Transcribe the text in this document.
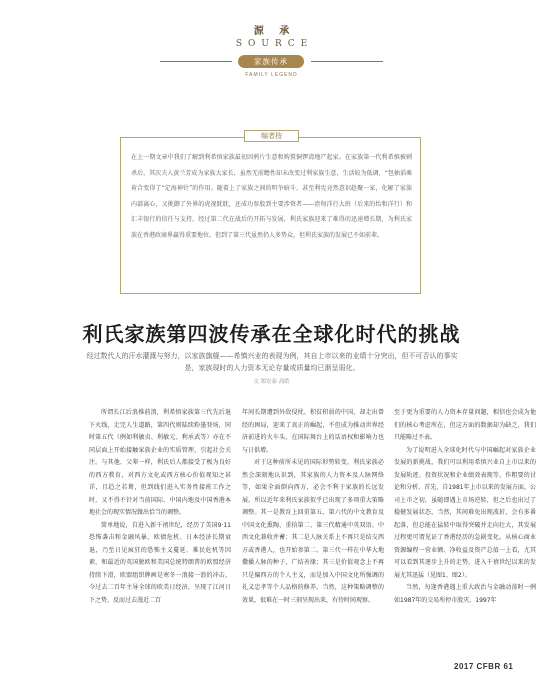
源 承
SOURCE
家族传承
FAMILY LEGEND
编者按
在上一期文章中我们了解到利希慎家族最初因鸦片生意和购置铜锣湾地产起家。在家族第一代利希慎被刺杀后，其次夫人黄兰芳成为家族大家长，虽然无前瞻性却未改变过利家族生意，生活较为低调，“包抽滔乘荷合变得了“定海神针”的作用。随着上了家族之间的明争暗斗，甚至利宪竟然意识趁聚一家，化解了家族内部离心，又挑御了外界的虎视眈眈，还成功参股到主要涉资者——渣甸洋行大班（后来的怡和洋行）和汇丰银行的信任与支持，经过第二代在战后的开拓与发展，利氏家族迎来了难得的迅速增长期，为利氏家族在香港政商界赢得重要地位。但到了第三代虽然仍人多势众，但利氏家族的发展已不如前辈。
利氏家族第四波传承在全球化时代的挑战
经过数代人的汗水灌溉与努力，以家族旗舰——希慎兴业的表现为例，其自上市以来的业绩十分突出，但不可否认的事实是，家族现时的人力资本无论存量或质量均已渐呈弱化。
文 郑宏泰 高皓

所谓长江后浪推前浪，利希慎家族第三代先后退下火线，走完人生道路，第四代则陆续粉墨登场，同时第五代（例如利敏贞、利敏元、利承武等）亦在不同层面上开始接触家族企业的实质管理，引起社会关注。与其他、父辈一样，利氏后人都接受了极为良好的西方教育，对西方文化或西方核心价值观知之甚详，且趋之若鹜，但到线们进入实务性接班工作之时，又不得不针对当前国际、中国内地及中国香港本地社会的现实情况做出恰当的调整。

简单地说，自进入新千禧世纪，经历了美国9·11恐怖袭击和金融风暴，欧债危机、日本经济长期衰退，乃至日见疯狂的恐怖主义蔓延、难民危机等因素，和最近的英国脱欧和美国总统特朗普的欧盟经济持续下滑，欧盟组织牌画是寒冬一浪接一浪的冲击，今过去二百年主导全球的欧美日经济，呈现了江河日下之势，反而过去漫近二百

年间长期遭到外敌侵扰、积贫积弱的中国，却走出曾经的困局，迎来了真正的崛起，不但成为推动世界经济前进的火车头，在国际舞台上的话语权和影响力也与日俱增。

对于这种前所未见的国际形势转变，利氏家族必然会深刻地认识到，其家族的人力资本及人脉网络等，如果全面倒向西方，必会不利于家族的长远发展。所以近年来利氏家族似乎已出现了多项重大策略调整。其一是教育上回重第五、第六代的中文教育及中国文化熏陶，重拾第二、第三代精通中英双语、中西文化兼收并蓄；其二是人脉关系上不再只是结交西方或香港人，也开始参第二、第三代一样在中华大地撒播人脉的种子，广结善缘；其三是价值观念上不再只是偏西方的个人主义，而是加入中国文化所强调的礼义忠孝等个人品格的修养。当然，这种策略调整的效果，很难在一时三刻呈现出来，有待时间观察。

至于更为重要的人力资本存量问题，相信也会成为他们的核心考虑所在，但这方面的数据却为缺乏，我们只能略过不表。

为了说明进入全球化时代与中国崛起对家族企业发展的新挑战，我们可以利用希慎兴业自上市以来的发展轨迹、投资状况和企业绩效表现等，作粗要的讨论和分析。首先，自1981年上市以来的发展方面，公司上市之初，虽随即遇上市场逆转，但之后也出过了稳健发展状态，当然，其间难免出现波折，会有多番起落，但总能在猛转中取得突破并走向壮大，其发展过程更可谓见证了香港经历的急剧变化。从核心商业资源编程一营业额、净收益及资产总值一上看，尤其可以看到其逐步上升的走势，进入千禧世纪以来的发展尤其迅猛（见图1、图2）。

当然，每逢香港遇上重大政治与金融动荡时一例如1987年的交易所停市股灾、1997年

2017 CFBR 61
